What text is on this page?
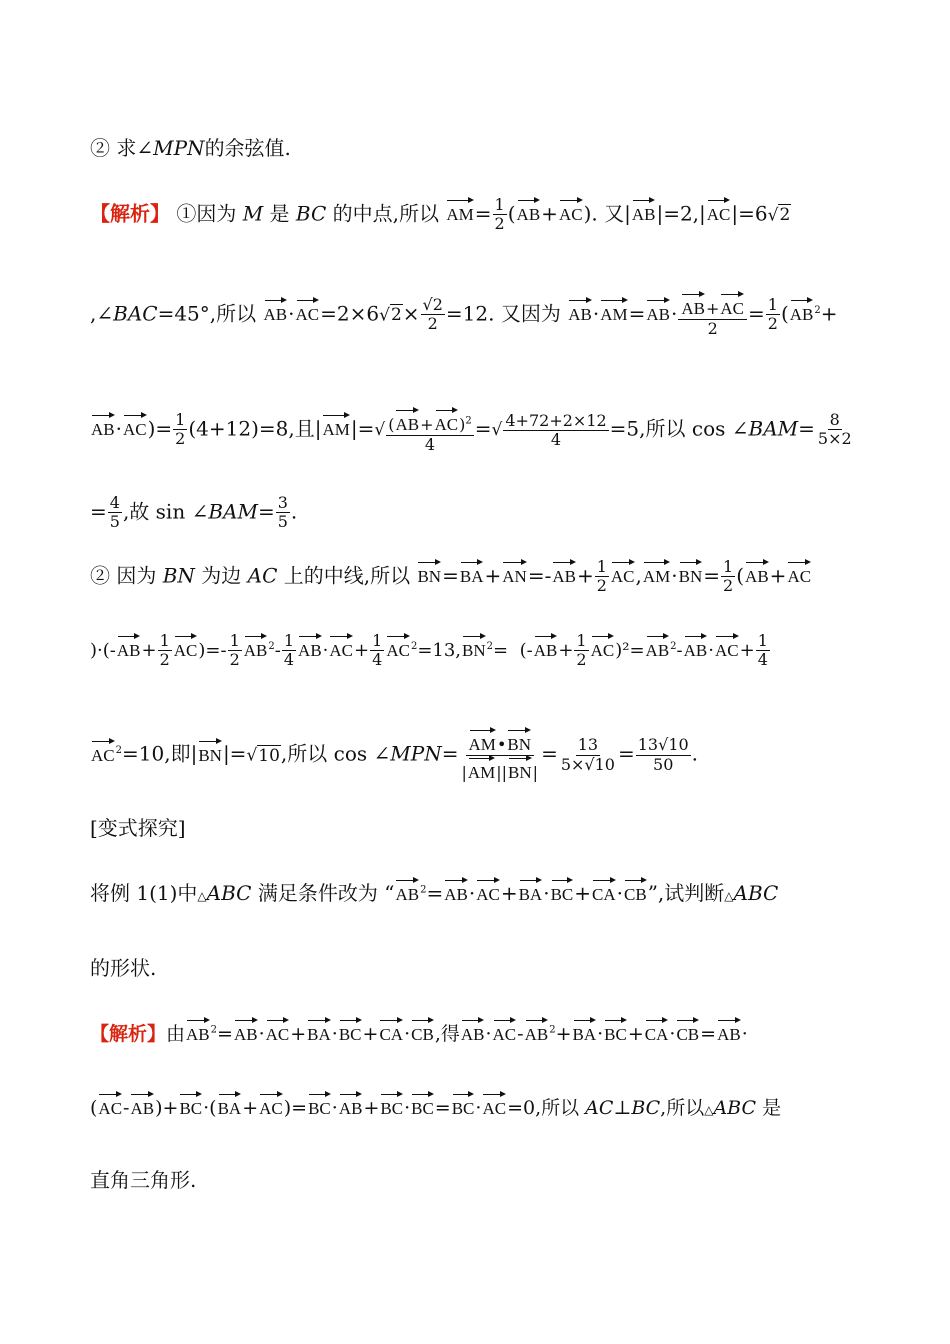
② 求∠MPN的余弦值.
【解析】 ①因为 M 是 BC 的中点,所以 $AM= \frac{1}{2} (AB+AC)$. 又|AB|=2,|AC|=6√2
,∠BAC=45°,所以 $AB\cdot AC=2\times 6√2\times \frac{√2}{2} =12$. 又因为 $AB\cdot AM=AB\cdot \frac{AB+AC}{2} = \frac{1}{2} (AB^2+$
$AB\cdot AC)= \frac{1}{2} (4+12)=8$,且$|AM|=√ \frac{(AB+AC)^2}{4}$ =√ $\frac{4+72+2\times 12}{4} =5$,所以 cos ∠BAM= $\frac{8}{5\times 2}$
= $\frac{4}{5}$ ,故 sin ∠BAM= $\frac{3}{5}$ .
② 因为 BN 为边 AC 上的中线,所以 $BN=BA+AN=-AB+ \frac{1}{2} AC,AM\cdot BN= \frac{1}{2} (AB+AC$
)$\cdot(-AB+ \frac{1}{2} AC)=- \frac{1}{2} AB^2- \frac{1}{4} AB\cdot AC+ \frac{1}{4} AC^2=13,BN^2= (-AB+ \frac{1}{2} AC)^2=AB^2-AB\cdot AC+ \frac{1}{4}$
$AC^2=10$,即|BN|=√10,所以 cos ∠MPN= $\frac{AM•BN}{|AM||BN|} = \frac{13}{5\times√10} = \frac{13√10}{50}$ .
[变式探究]
将例 1(1)中△ABC 满足条件改为 “$AB^2=AB\cdot AC+BA\cdot BC+CA\cdot CB$”,试判断△ABC
的形状.
【解析】由$AB^2=AB\cdot AC+BA\cdot BC+CA\cdot CB$,得$AB\cdot AC-AB^2+BA\cdot BC+CA\cdot CB=AB\cdot$
(AC-AB)+BC·(BA+AC)=BC·AB+BC·BC=BC·AC=0,所以 AC⊥BC,所以△ABC 是
直角三角形.
